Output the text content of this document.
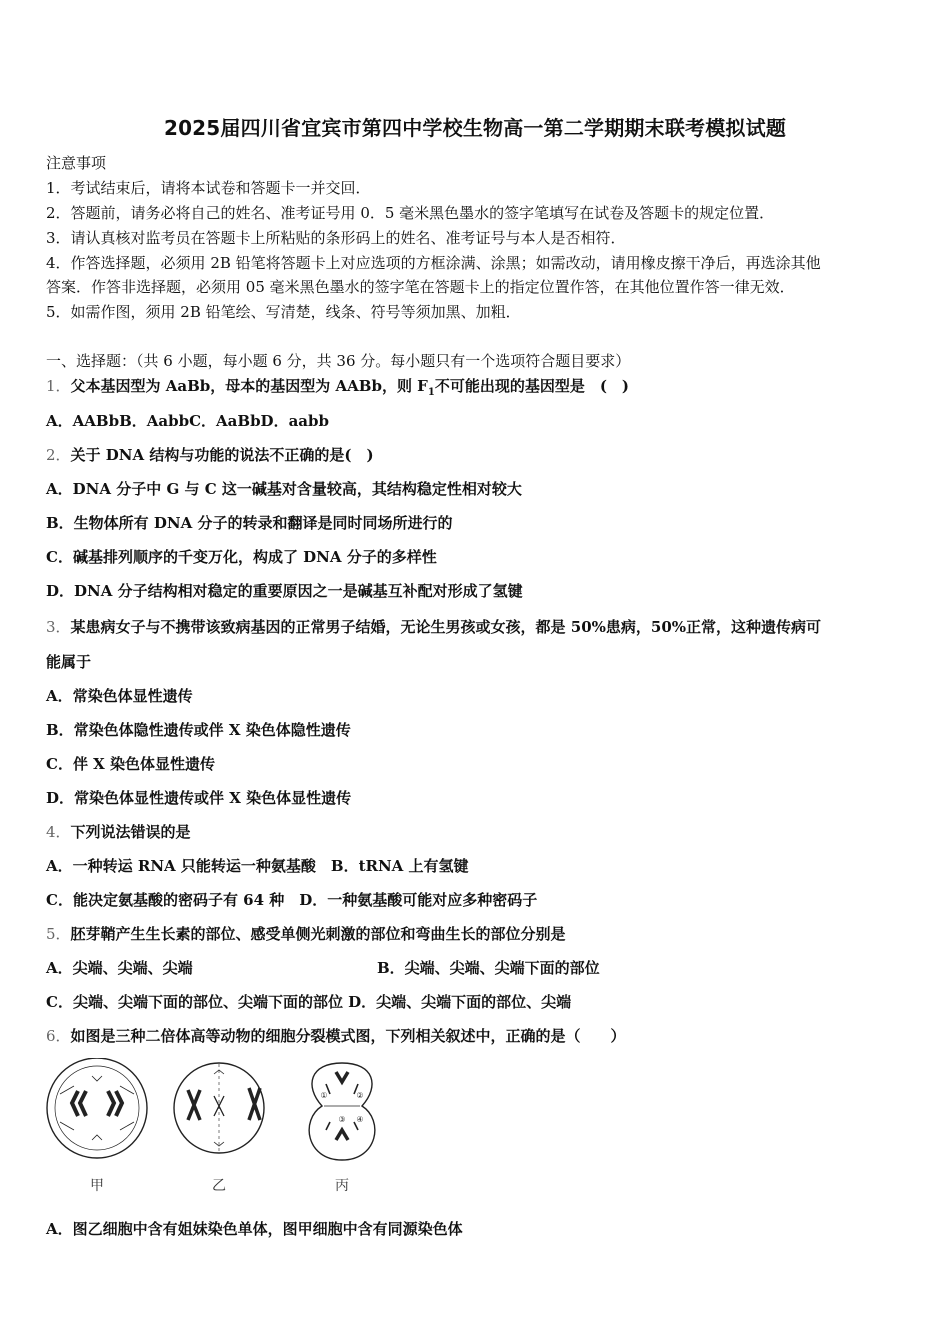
2025届四川省宜宾市第四中学校生物高一第二学期期末联考模拟试题
注意事项
1．考试结束后，请将本试卷和答题卡一并交回．
2．答题前，请务必将自己的姓名、准考证号用 0．5 毫米黑色墨水的签字笔填写在试卷及答题卡的规定位置．
3．请认真核对监考员在答题卡上所粘贴的条形码上的姓名、准考证号与本人是否相符．
4．作答选择题，必须用 2B 铅笔将答题卡上对应选项的方框涂满、涂黑；如需改动，请用橡皮擦干净后，再选涂其他
答案．作答非选择题，必须用 05 毫米黑色墨水的签字笔在答题卡上的指定位置作答，在其他位置作答一律无效．
5．如需作图，须用 2B 铅笔绘、写清楚，线条、符号等须加黑、加粗．
一、选择题：（共 6 小题，每小题 6 分，共 36 分。每小题只有一个选项符合题目要求）
1．父本基因型为 AaBb，母本的基因型为 AABb，则 $F_1$不可能出现的基因型是　(　)
A．AABbB．AabbC．AaBbD．aabb
2．关于 DNA 结构与功能的说法不正确的是(　)
A．DNA 分子中 G 与 C 这一碱基对含量较高，其结构稳定性相对较大
B．生物体所有 DNA 分子的转录和翻译是同时同场所进行的
C．碱基排列顺序的千变万化，构成了 DNA 分子的多样性
D．DNA 分子结构相对稳定的重要原因之一是碱基互补配对形成了氢键
3．某患病女子与不携带该致病基因的正常男子结婚，无论生男孩或女孩，都是 50%患病，50%正常，这种遗传病可
能属于
A．常染色体显性遗传
B．常染色体隐性遗传或伴 X 染色体隐性遗传
C．伴 X 染色体显性遗传
D．常染色体显性遗传或伴 X 染色体显性遗传
4．下列说法错误的是
A．一种转运 RNA 只能转运一种氨基酸　B．tRNA 上有氢键
C．能决定氨基酸的密码子有 64 种　D．一种氨基酸可能对应多种密码子
5．胚芽鞘产生生长素的部位、感受单侧光刺激的部位和弯曲生长的部位分别是
A．尖端、尖端、尖端	B．尖端、尖端、尖端下面的部位
C．尖端、尖端下面的部位、尖端下面的部位 D．尖端、尖端下面的部位、尖端
6．如图是三种二倍体高等动物的细胞分裂模式图，下列相关叙述中，正确的是（　　）
①	②
③ ④
甲	乙	丙
A．图乙细胞中含有姐妹染色单体，图甲细胞中含有同源染色体
